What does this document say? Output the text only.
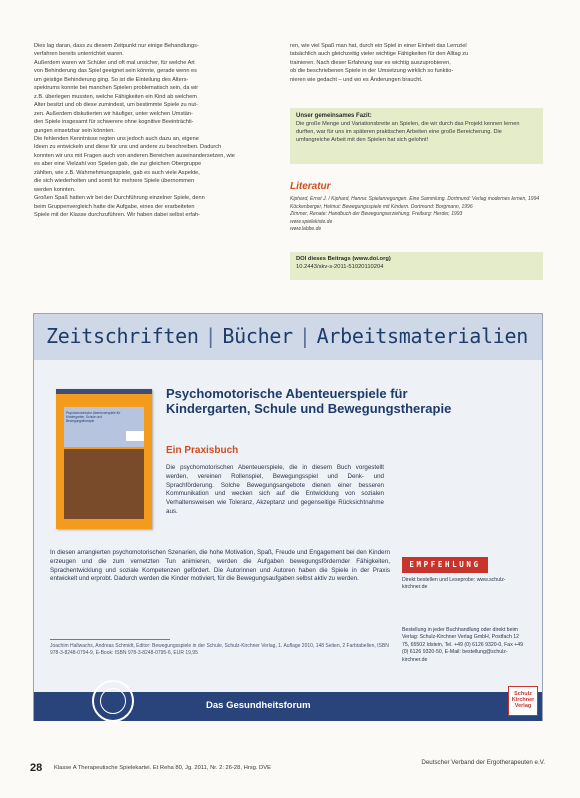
Dies lag daran, dass zu diesem Zeitpunkt nur einige Behandlungs-

verfahren bereits unterrichtet waren.

Außerdem waren wir Schüler und oft mal unsicher, für welche Art

von Behinderung das Spiel geeignet sein könnte, gerade wenn es

um geistige Behinderung ging. So ist die Einteilung des Alters-

spektrums konnte bei manchen Spielen problematisch sein, da wir

z.B. überlegen mussten, welche Fähigkeiten ein Kind ab welchem

Alter besitzt und ob diese zumindest, um bestimmte Spiele zu nut-

zen. Außerdem diskutierten wir häufiger, unter welchen Umstän-

den Spiele insgesamt für schwerere ohne kognitive Beeinträchti-

gungen einsetzbar sein könnten.

Die fehlenden Kenntnisse regten uns jedoch auch dazu an, eigene

Ideen zu entwickeln und diese für uns und andere zu beschreiben. Dadurch

konnten wir uns mit Fragen auch von anderen Bereichen auseinandersetzen, wie

es aber eine Vielzahl von Spielen gab, die zur gleichen Obergruppe

zählten, wie z.B. Wahrnehmungsspiele, gab es auch viele Aspekte,

die sich wiederholten und somit für mehrere Spiele übernommen

werden konnten.

Großen Spaß hatten wir bei der Durchführung einzelner Spiele, denn

beim Gruppenvergleich hatte die Aufgabe, eines der erarbeiteten

Spiele mit der Klasse durchzuführen. Wir haben dabei selbst erfah-

ren, wie viel Spaß man hat, durch ein Spiel in einer Einheit das Lernziel

tatsächlich auch gleichzeitig vieler wichtige Fähigkeiten für den Alltag zu

trainieren. Nach dieser Erfahrung war es wichtig auszuprobieren,

ob die beschriebenen Spiele in der Umsetzung wirklich so funktio-

nieren wie gedacht – und wo es Änderungen braucht.

Unser gemeinsames Fazit:
Die große Menge und Variationsbreite an Spielen, die wir durch das Projekt kennen lernen durften, war für uns im späteren praktischen Arbeiten eine große Bereicherung. Die umfangreiche Arbeit mit den Spielen hat sich gelohnt!
Literatur
Kiphard, Ernst J. / Kiphard, Hanna: Spielanregungen. Eine Sammlung. Dortmund: Verlag modernes lernen, 1994
Köckenberger, Helmut: Bewegungsspiele mit Kindern. Dortmund: Borgmann, 1996
Zimmer, Renate: Handbuch der Bewegungserziehung. Freiburg: Herder, 1993
www.spielekiste.de
www.labbe.de
DOI dieses Beitrags (www.doi.org)
10.2443/skv-s-2011-51020110204
Zeitschriften | Bücher | Arbeitsmaterialien
Psychomotorische Abenteuerspiele für Kindergarten, Schule und Bewegungstherapie
Psychomotorische Abenteuerspiele für Kindergarten, Schule und Bewegungstherapie
Ein Praxisbuch
Die psychomotorischen Abenteuerspiele, die in diesem Buch vorgestellt werden, vereinen Rollenspiel, Bewegungsspiel und Denk- und Sprachförderung. Solche Bewegungsangebote dienen einer besseren Kommunikation und wecken sich auf die Entwicklung von sozialen Verhaltensweisen wie Toleranz, Akzeptanz und gegenseitige Rücksichtnahme aus.
In diesen arrangierten psychomotorischen Szenarien, die hohe Motivation, Spaß, Freude und Engagement bei den Kindern erzeugen und die zum vernetzten Tun animieren, werden die Aufgaben bewegungsfördernder Fähigkeiten, Sprachentwicklung und soziale Kompetenzen gefördert. Die Autorinnen und Autoren haben die Spiele in der Praxis entwickelt und erprobt. Dadurch werden die Kinder motiviert, für die Bewegungsaufgaben selbst aktiv zu werden.
Joachim Hallwachs, Andreas Schmidt, Editor: Bewegungsspiele in der Schule, Schulz-Kirchner Verlag, 1. Auflage 2010, 148 Seiten, 2 Farbtabellen, ISBN 978-3-8248-0794-9, E-Book: ISBN 978-3-8248-0795-6, EUR 19,95
EMPFEHLUNG
Direkt bestellen und Leseprobe: www.schulz-kirchner.de
Bestellung in jeder Buchhandlung oder direkt beim Verlag: Schulz-Kirchner Verlag GmbH, Postfach 12 75, 65502 Idstein, Tel. +49 (0) 6126 9320-0, Fax +49 (0) 6126 9320-50, E-Mail: bestellung@schulz-kirchner.de
Das Gesundheitsforum
Schulz Kirchner Verlag
28 Klasse A Therapeutische Spielekartei. Et Reha 80, Jg. 2011, Nr. 2: 26-28, Hrsg. DVE
Deutscher Verband der Ergotherapeuten e.V.
